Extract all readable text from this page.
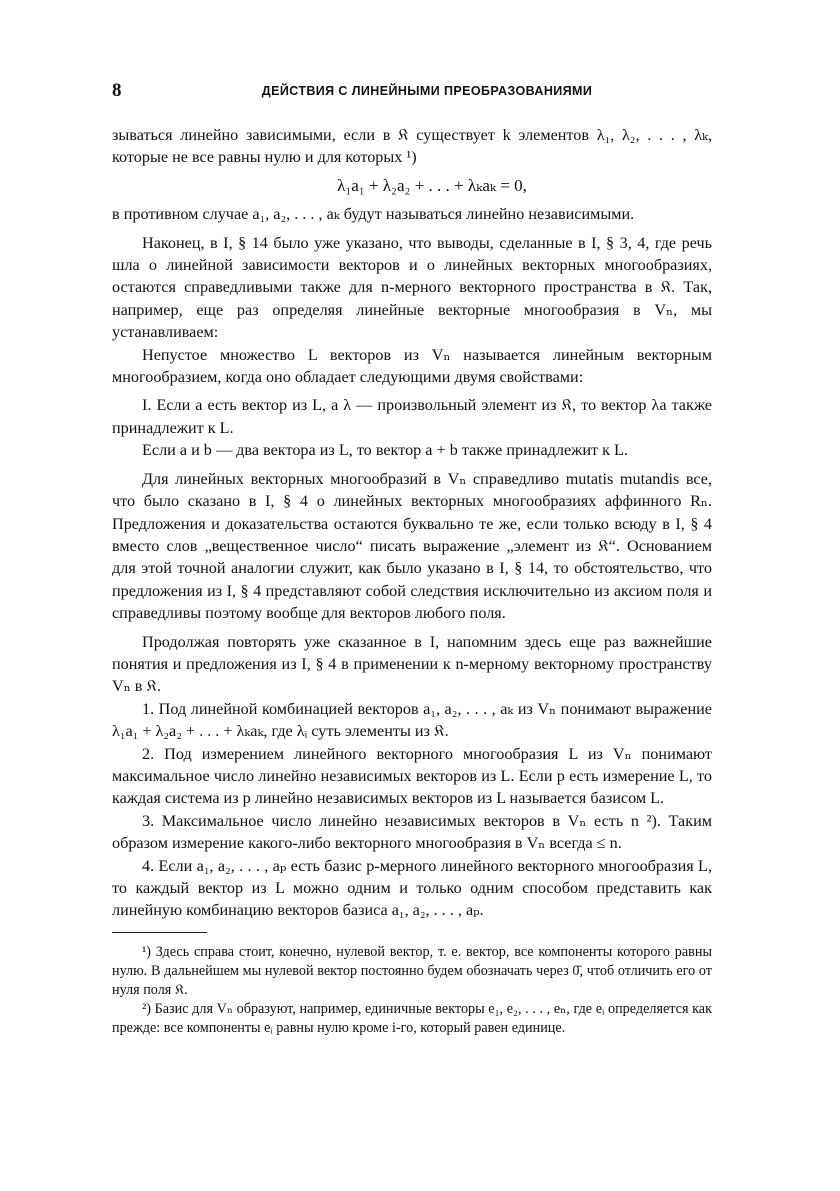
8	ДЕЙСТВИЯ С ЛИНЕЙНЫМИ ПРЕОБРАЗОВАНИЯМИ

зываться линейно зависимыми, если в 𝔎 существует k элементов λ₁, λ₂, . . . , λₖ, которые не все равны нулю и для которых ¹)

λ₁a₁ + λ₂a₂ + . . . + λₖaₖ = 0,

в противном случае a₁, a₂, . . . , aₖ будут называться линейно независимыми.

Наконец, в I, § 14 было уже указано, что выводы, сделанные в I, § 3, 4, где речь шла о линейной зависимости векторов и о линейных векторных многообразиях, остаются справедливыми также для n-мерного векторного пространства в 𝔎. Так, например, еще раз определяя линейные векторные многообразия в Vₙ, мы устанавливаем:

Непустое множество L векторов из Vₙ называется линейным векторным многообразием, когда оно обладает следующими двумя свойствами:

I. Если a есть вектор из L, а λ — произвольный элемент из 𝔎, то вектор λa также принадлежит к L.

Если a и b — два вектора из L, то вектор a + b также принадлежит к L.

Для линейных векторных многообразий в Vₙ справедливо mutatis mutandis все, что было сказано в I, § 4 о линейных векторных многообразиях аффинного Rₙ. Предложения и доказательства остаются буквально те же, если только всюду в I, § 4 вместо слов „вещественное число“ писать выражение „элемент из 𝔎“. Основанием для этой точной аналогии служит, как было указано в I, § 14, то обстоятельство, что предложения из I, § 4 представляют собой следствия исключительно из аксиом поля и справедливы поэтому вообще для векторов любого поля.

Продолжая повторять уже сказанное в I, напомним здесь еще раз важнейшие понятия и предложения из I, § 4 в применении к n-мерному векторному пространству Vₙ в 𝔎.

1. Под линейной комбинацией векторов a₁, a₂, . . . , aₖ из Vₙ понимают выражение λ₁a₁ + λ₂a₂ + . . . + λₖaₖ, где λᵢ суть элементы из 𝔎.

2. Под измерением линейного векторного многообразия L из Vₙ понимают максимальное число линейно независимых векторов из L. Если p есть измерение L, то каждая система из p линейно независимых векторов из L называется базисом L.

3. Максимальное число линейно независимых векторов в Vₙ есть n ²). Таким образом измерение какого-либо векторного многообразия в Vₙ всегда ≤ n.

4. Если a₁, a₂, . . . , aₚ есть базис p-мерного линейного векторного многообразия L, то каждый вектор из L можно одним и только одним способом представить как линейную комбинацию векторов базиса a₁, a₂, . . . , aₚ.

¹) Здесь справа стоит, конечно, нулевой вектор, т. е. вектор, все компоненты которого равны нулю. В дальнейшем мы нулевой вектор постоянно будем обозначать через 0̄, чтоб отличить его от нуля поля 𝔎.

²) Базис для Vₙ образуют, например, единичные векторы e₁, e₂, . . . , eₙ, где eᵢ определяется как прежде: все компоненты eᵢ равны нулю кроме i-го, который равен единице.
